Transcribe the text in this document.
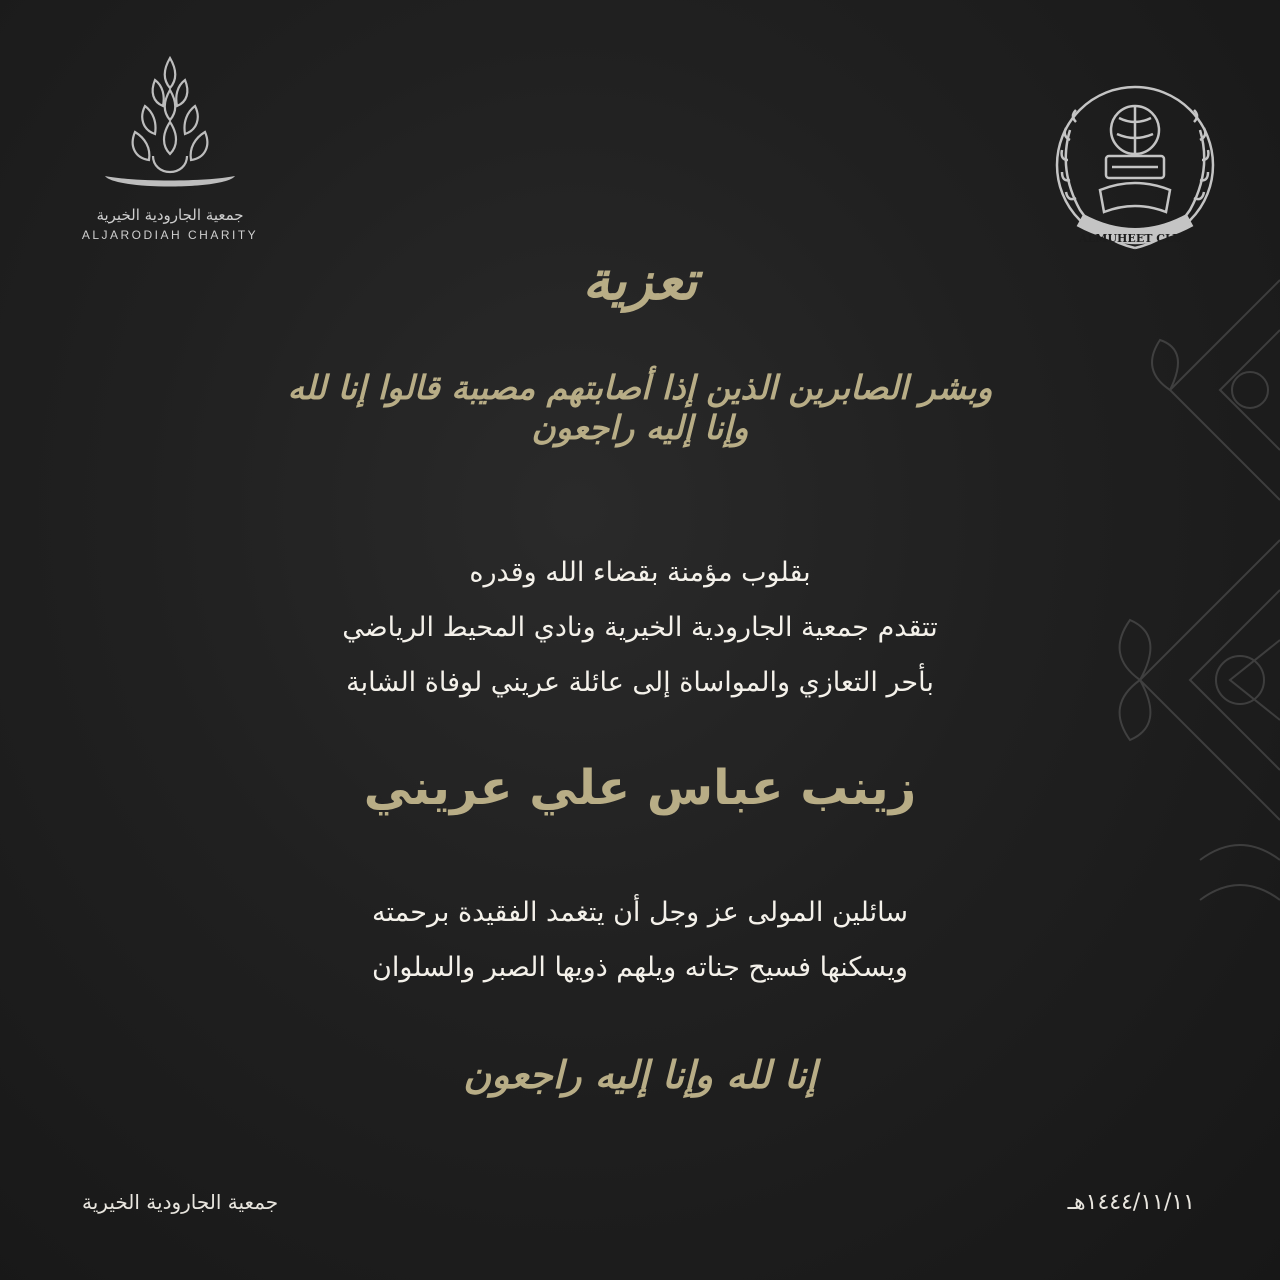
جمعية الجارودية الخيرية
ALJARODIAH CHARITY	ALMUHEET CLUB
تعزية
وبشر الصابرين الذين إذا أصابتهم مصيبة قالوا إنا لله وإنا إليه راجعون
بقلوب مؤمنة بقضاء الله وقدره
تتقدم جمعية الجارودية الخيرية ونادي المحيط الرياضي
بأحر التعازي والمواساة إلى عائلة عريني لوفاة الشابة
زينب عباس علي عريني
سائلين المولى عز وجل أن يتغمد الفقيدة برحمته
ويسكنها فسيح جناته ويلهم ذويها الصبر والسلوان
إنا لله وإنا إليه راجعون
جمعية الجارودية الخيرية	١٤٤٤/١١/١١هـ
